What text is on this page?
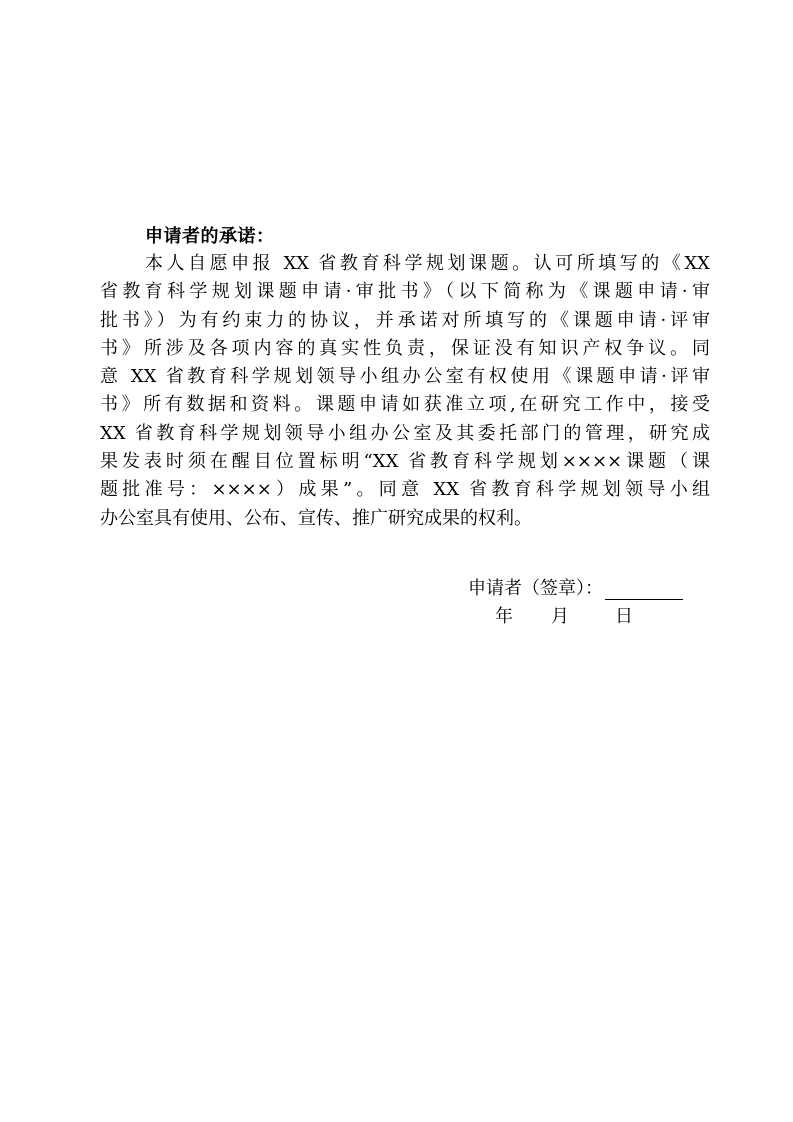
申请者的承诺：
本人自愿申报 XX 省教育科学规划课题。认可所填写的《XX
省教育科学规划课题申请·审批书》（以下简称为《课题申请·审
批书》）为有约束力的协议，并承诺对所填写的《课题申请·评审
书》所涉及各项内容的真实性负责，保证没有知识产权争议。同
意 XX 省教育科学规划领导小组办公室有权使用《课题申请·评审
书》所有数据和资料。课题申请如获准立项,在研究工作中，接受
XX 省教育科学规划领导小组办公室及其委托部门的管理，研究成
果发表时须在醒目位置标明“XX 省教育科学规划××××课题（课
题批准号：××××）成果”。同意 XX 省教育科学规划领导小组
办公室具有使用、公布、宣传、推广研究成果的权利。
申请者（签章）：
年 月	日
